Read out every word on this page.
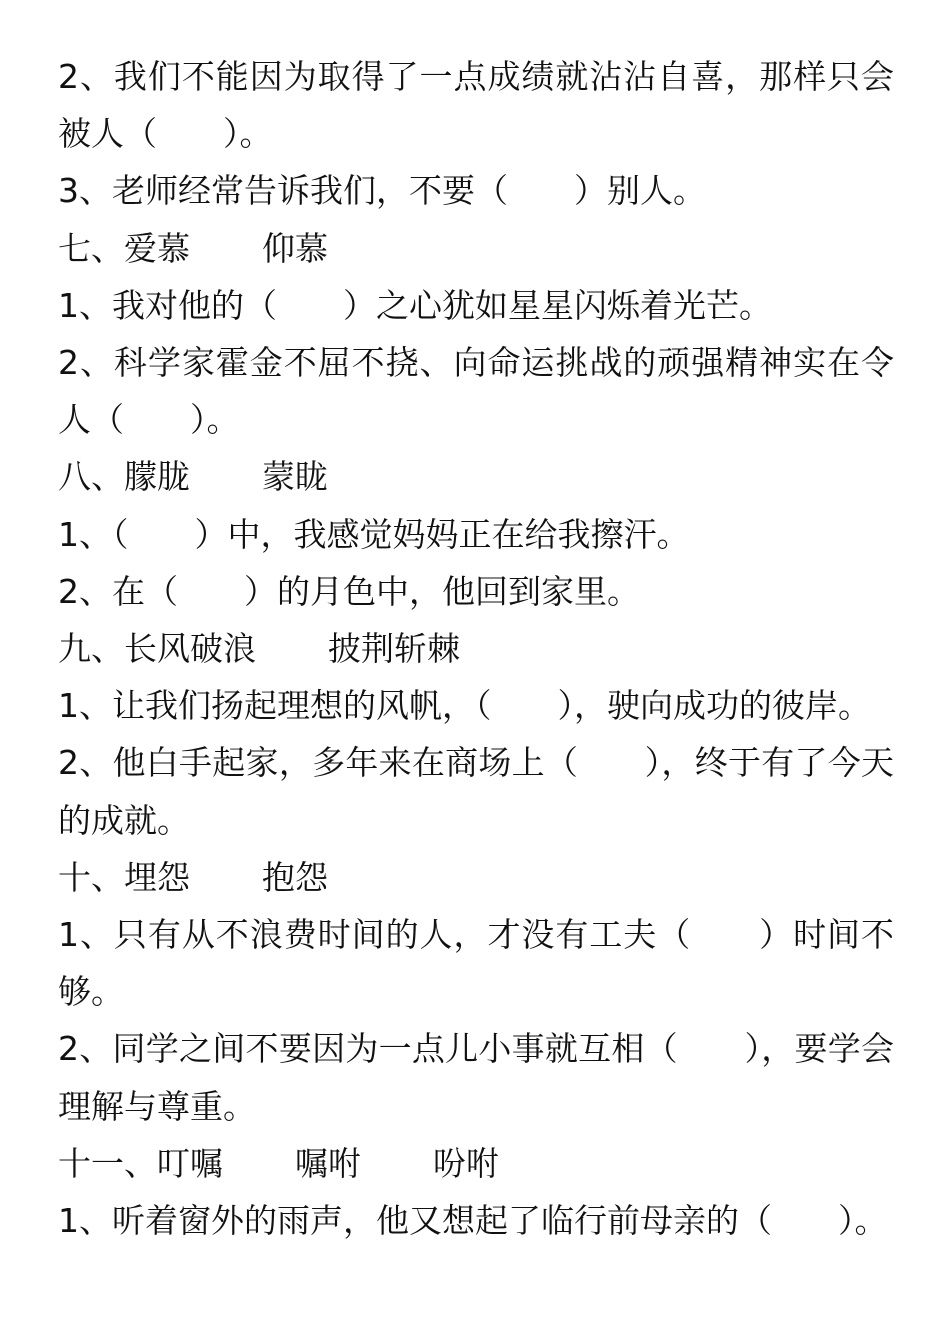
2、我们不能因为取得了一点成绩就沾沾自喜，那样只会被人（　　）。

3、老师经常告诉我们，不要（　　）别人。

七、爱慕 仰慕

1、我对他的（　　）之心犹如星星闪烁着光芒。

2、科学家霍金不屈不挠、向命运挑战的顽强精神实在令人（　　）。

八、朦胧 蒙眬

1、（　　）中，我感觉妈妈正在给我擦汗。

2、在（　　）的月色中，他回到家里。

九、长风破浪 披荆斩棘

1、让我们扬起理想的风帆，（　　），驶向成功的彼岸。

2、他白手起家，多年来在商场上（　　），终于有了今天的成就。

十、埋怨 抱怨

1、只有从不浪费时间的人，才没有工夫（　　）时间不够。

2、同学之间不要因为一点儿小事就互相（　　），要学会理解与尊重。

十一、叮嘱 嘱咐 吩咐

1、听着窗外的雨声，他又想起了临行前母亲的（　　）。
